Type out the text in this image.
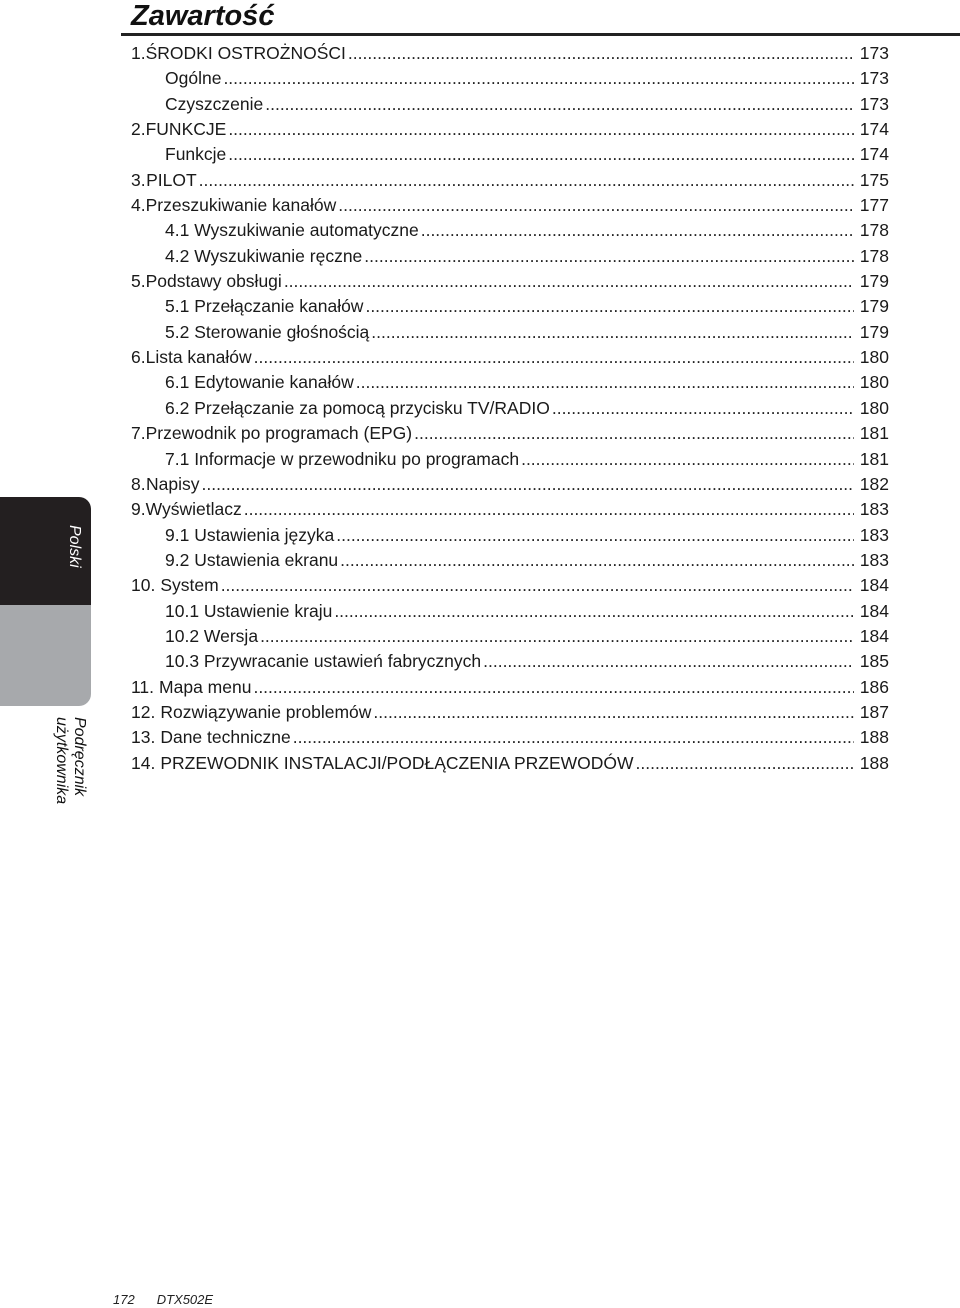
Zawartość
1. ŚRODKI OSTROŻNOŚCI .....	173
Ogólne .....	173
Czyszczenie .....	173
2. FUNKCJE .....	174
Funkcje .....	174
3. PILOT .....	175
4. Przeszukiwanie kanałów .....	177
4.1 Wyszukiwanie automatyczne .....	178
4.2 Wyszukiwanie ręczne .....	178
5. Podstawy obsługi .....	179
5.1 Przełączanie kanałów .....	179
5.2 Sterowanie głośnością .....	179
6. Lista kanałów .....	180
6.1 Edytowanie kanałów .....	180
6.2 Przełączanie za pomocą przycisku TV/RADIO .....	180
7. Przewodnik po programach (EPG) .....	181
7.1 Informacje w przewodniku po programach .....	181
8. Napisy .....	182
9. Wyświetlacz .....	183
9.1 Ustawienia języka .....	183
9.2 Ustawienia ekranu .....	183
10. System .....	184
10.1 Ustawienie kraju .....	184
10.2 Wersja .....	184
10.3 Przywracanie ustawień fabrycznych .....	185
11. Mapa menu .....	186
12. Rozwiązywanie problemów .....	187
13. Dane techniczne .....	188
14. PRZEWODNIK INSTALACJI/PODŁĄCZENIA PRZEWODÓW .....	188
Polski
Podręcznik użytkownika
172 DTX502E
